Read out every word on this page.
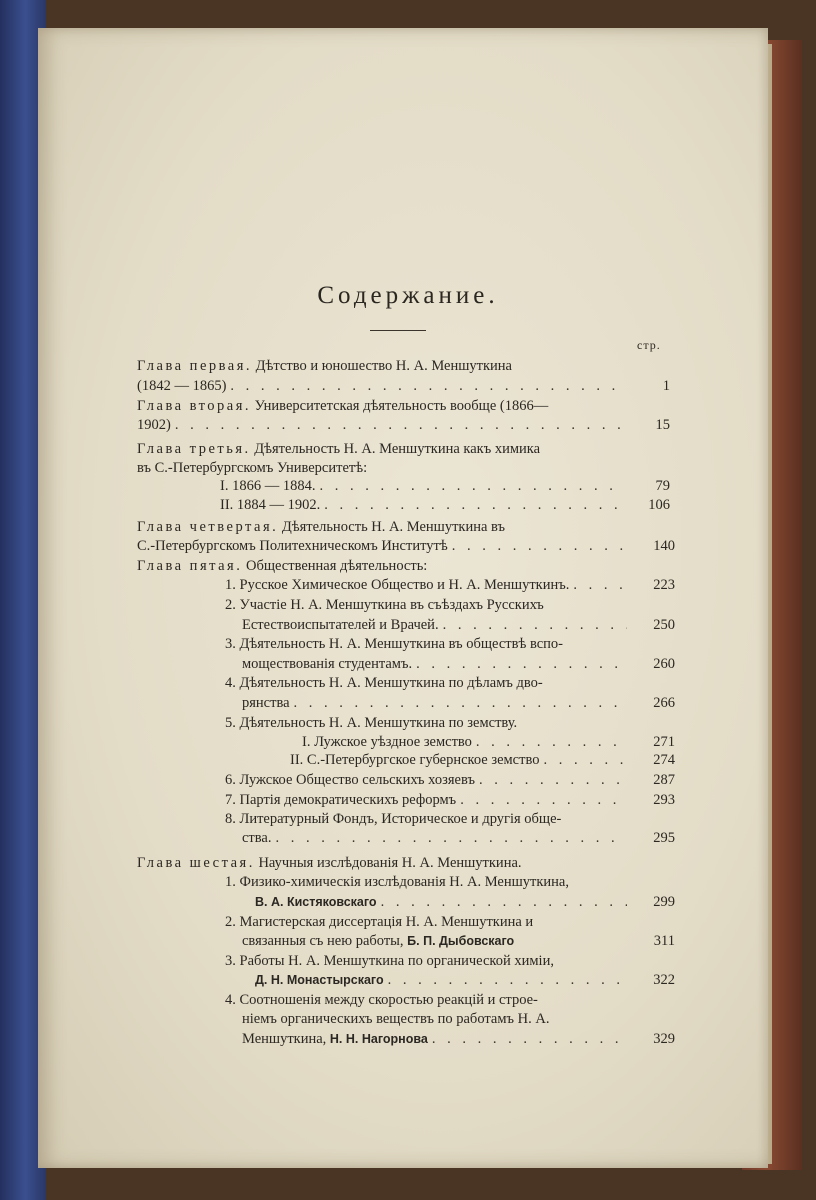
Содержание.
стр.
Глава первая.
Дѣтство и юношество Н. А. Меншуткина
(1842 — 1865) . . .	1
Глава вторая.
Университетская дѣятельность вообще (1866—
1902) . . .	15
Глава третья.
Дѣятельность Н. А. Меншуткина какъ химика
въ С.-Петербургскомъ Университетѣ:
I. 1866 — 1884. . . .	79
II. 1884 — 1902. . . .	106
Глава четвертая.
Дѣятельность Н. А. Меншуткина въ
С.-Петербургскомъ Политехническомъ Институтѣ . . .	140
Глава пятая.
Общественная дѣятельность:
1. Русское Химическое Общество и Н. А. Меншуткинъ. . . .	223
2. Участіе Н. А. Меншуткина въ съѣздахъ Русскихъ
Естествоиспытателей и Врачей. . . .	250
3. Дѣятельность Н. А. Меншуткина въ обществѣ вспо-
моществованія студентамъ. . . .	260
4. Дѣятельность Н. А. Меншуткина по дѣламъ дво-
рянства . . .	266
5. Дѣятельность Н. А. Меншуткина по земству.
I. Лужское уѣздное земство . . .	271
II. С.-Петербургское губернское земство . . .	274
6. Лужское Общество сельскихъ хозяевъ . . .	287
7. Партія демократическихъ реформъ . . .	293
8. Литературный Фондъ, Историческое и другія обще-
ства. . . .	295
Глава шестая.
Научныя изслѣдованія Н. А. Меншуткина.
1. Физико-химическія изслѣдованія Н. А. Меншуткина,
В. А. Кистяковскаго . . .	299
2. Магистерская диссертація Н. А. Меншуткина и
связанныя съ нею работы,
Б. П. Дыбовскаго	311
3. Работы Н. А. Меншуткина по органической химіи,
Д. Н. Монастырскаго . . .	322
4. Соотношенія между скоростью реакцій и строе-
ніемъ органическихъ веществъ по работамъ Н. А.
Меншуткина,
Н. Н. Нагорнова . . .	329
